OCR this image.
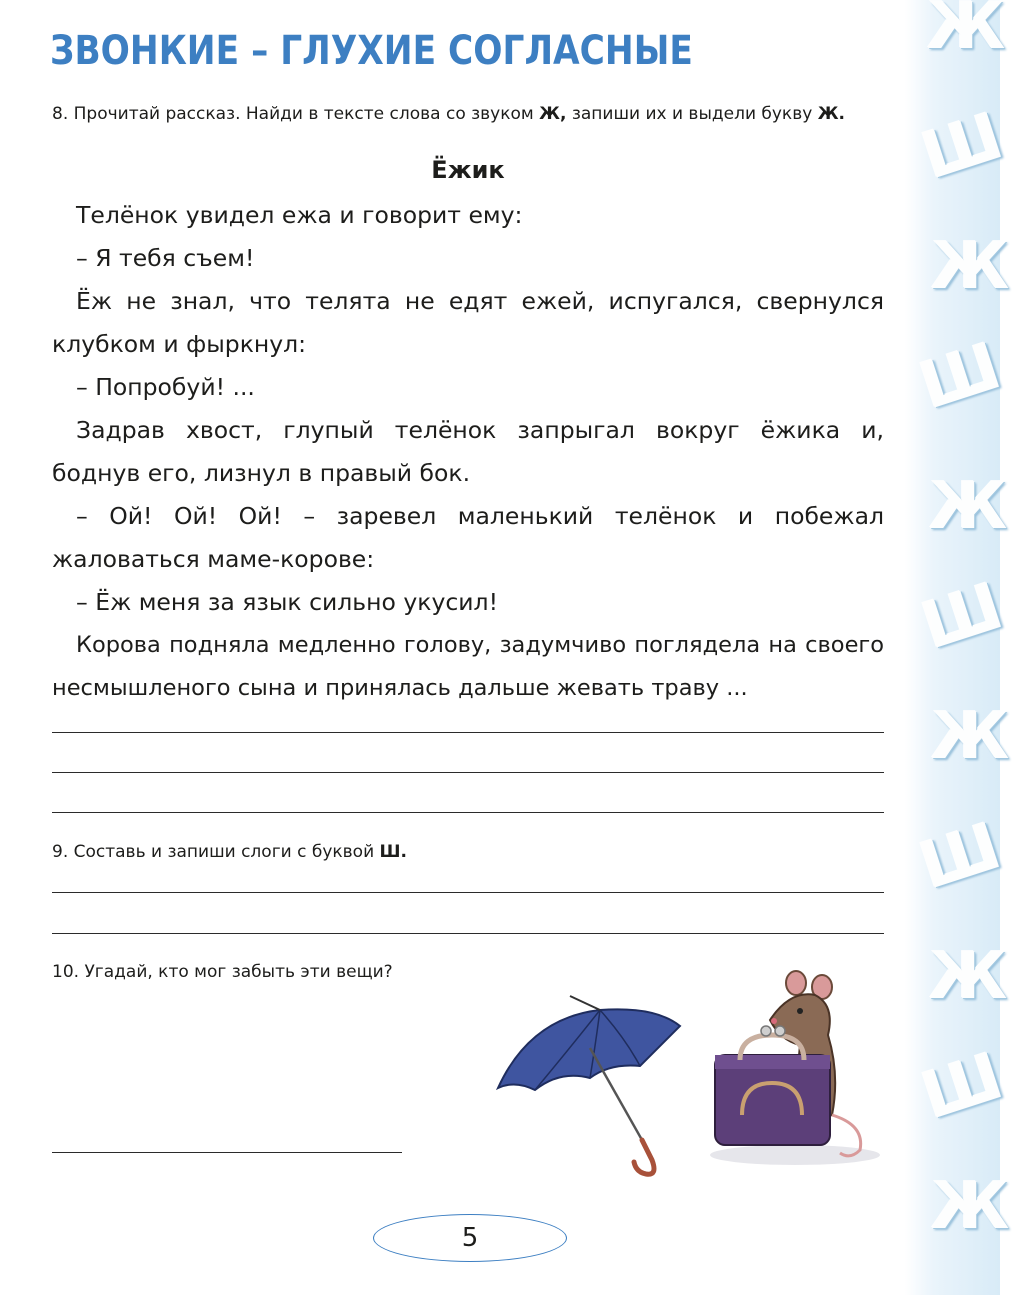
Ж
Ш
Ж
Ш
Ж
Ш
Ж
Ш
Ж
Ш
Ж
ЗВОНКИЕ – ГЛУХИЕ СОГЛАСНЫЕ
8. Прочитай рассказ. Найди в тексте слова со звуком Ж, запиши их и выдели букву Ж.
Ёжик

Телёнок увидел ежа и говорит ему:

– Я тебя съем!

Ёж не знал, что телята не едят ежей, испугался, свернулся клубком и фыркнул:

– Попробуй! ...

Задрав хвост, глупый телёнок запрыгал вокруг ёжика и, боднув его, лизнул в правый бок.

– Ой! Ой! Ой! – заревел маленький телёнок и побежал жаловаться маме-корове:

– Ёж меня за язык сильно укусил!

Корова подняла медленно голову, задумчиво поглядела на своего несмышленого сына и принялась дальше жевать траву ...

9. Составь и запиши слоги с буквой Ш.
10. Угадай, кто мог забыть эти вещи?
5
